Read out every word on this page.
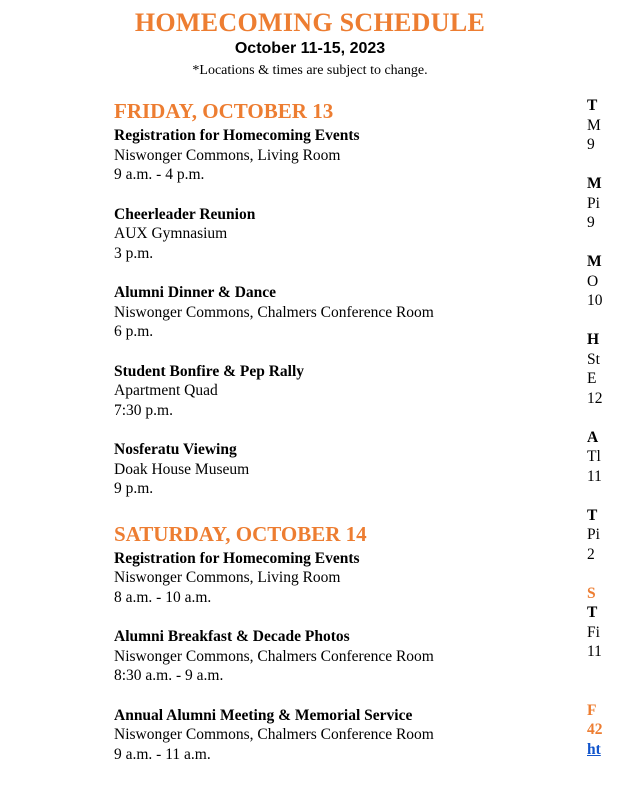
HOMECOMING SCHEDULE
October 11-15, 2023
*Locations & times are subject to change.
FRIDAY, OCTOBER 13
Registration for Homecoming Events
Niswonger Commons, Living Room
9 a.m. - 4 p.m.
Cheerleader Reunion
AUX Gymnasium
3 p.m.
Alumni Dinner & Dance
Niswonger Commons, Chalmers Conference Room
6 p.m.
Student Bonfire & Pep Rally
Apartment Quad
7:30 p.m.
Nosferatu Viewing
Doak House Museum
9 p.m.
SATURDAY, OCTOBER 14
Registration for Homecoming Events
Niswonger Commons, Living Room
8 a.m. - 10 a.m.
Alumni Breakfast & Decade Photos
Niswonger Commons, Chalmers Conference Room
8:30 a.m. - 9 a.m.
Annual Alumni Meeting & Memorial Service
Niswonger Commons, Chalmers Conference Room
9 a.m. - 11 a.m.
T
M
9

M
Pi
9

M
O
10

H
St
E
12

A
Tl
11

T
Pi
2

S
T
Fi
11

F
42
ht
